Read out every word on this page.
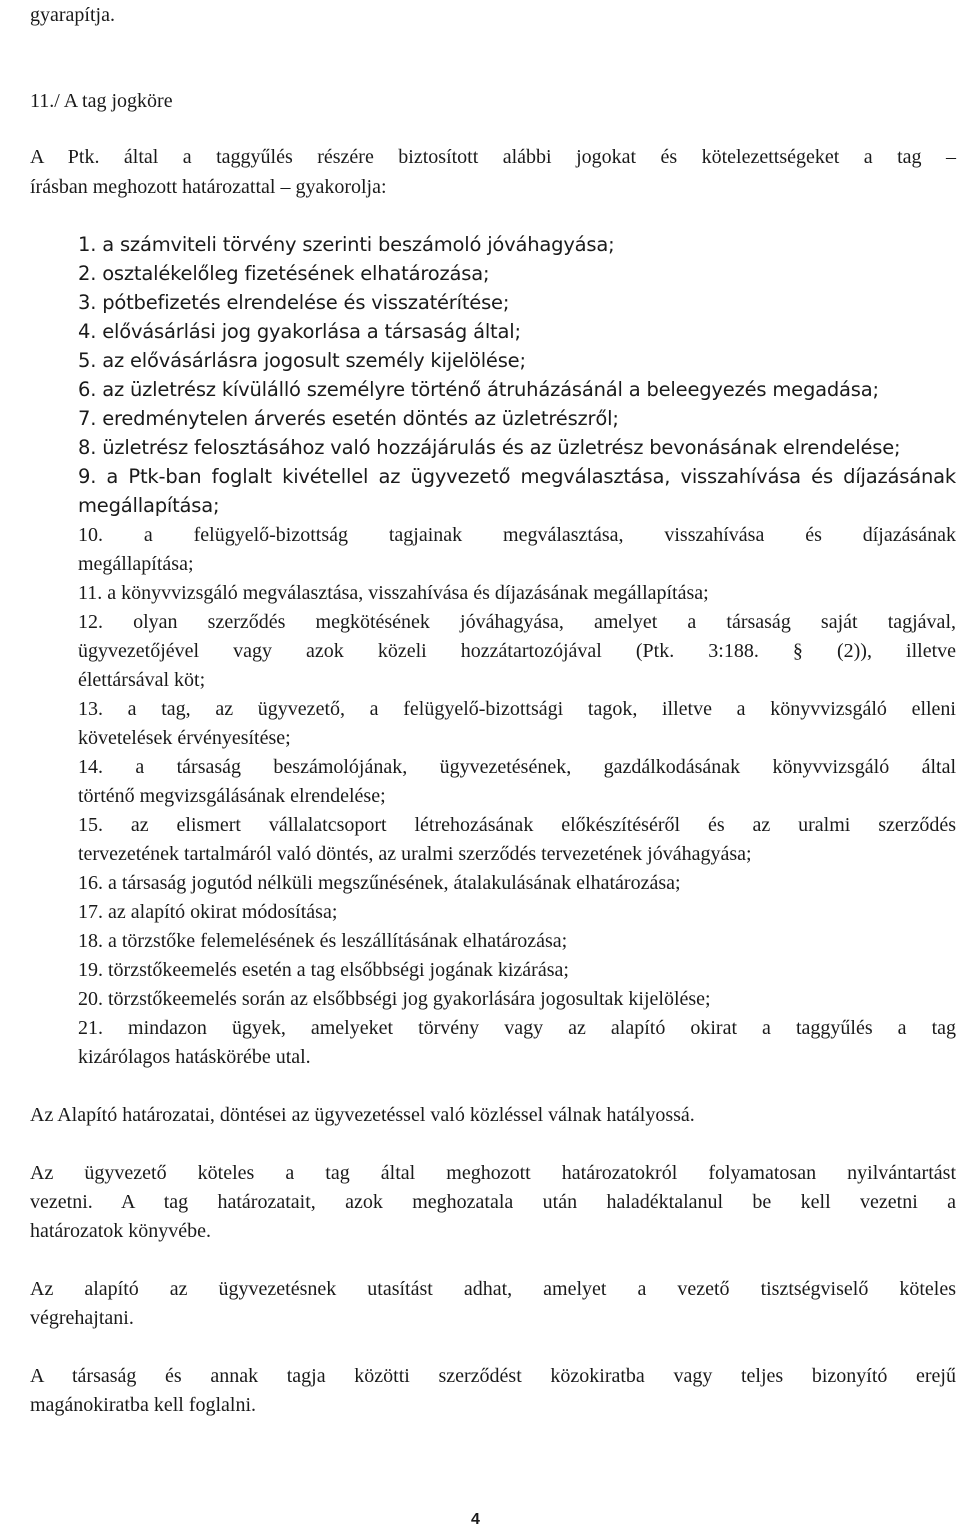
gyarapítja.
11./ A tag jogköre
A Ptk. által a taggyűlés részére biztosított alábbi jogokat és kötelezettségeket a tag –
írásban meghozott határozattal – gyakorolja:
1. a számviteli törvény szerinti beszámoló jóváhagyása;
2. osztalékelőleg fizetésének elhatározása;
3. pótbefizetés elrendelése és visszatérítése;
4. elővásárlási jog gyakorlása a társaság által;
5. az elővásárlásra jogosult személy kijelölése;
6. az üzletrész kívülálló személyre történő átruházásánál a beleegyezés megadása;
7. eredménytelen árverés esetén döntés az üzletrészről;
8. üzletrész felosztásához való hozzájárulás és az üzletrész bevonásának elrendelése;
9. a Ptk-ban foglalt kivétellel az ügyvezető megválasztása, visszahívása és díjazásának
megállapítása;
10. a felügyelő-bizottság tagjainak megválasztása, visszahívása és díjazásának
megállapítása;
11. a könyvvizsgáló megválasztása, visszahívása és díjazásának megállapítása;
12. olyan szerződés megkötésének jóváhagyása, amelyet a társaság saját tagjával,
ügyvezetőjével vagy azok közeli hozzátartozójával (Ptk. 3:188. § (2)), illetve
élettársával köt;
13. a tag, az ügyvezető, a felügyelő-bizottsági tagok, illetve a könyvvizsgáló elleni
követelések érvényesítése;
14. a társaság beszámolójának, ügyvezetésének, gazdálkodásának könyvvizsgáló által
történő megvizsgálásának elrendelése;
15. az elismert vállalatcsoport létrehozásának előkészítéséről és az uralmi szerződés
tervezetének tartalmáról való döntés, az uralmi szerződés tervezetének jóváhagyása;
16. a társaság jogutód nélküli megszűnésének, átalakulásának elhatározása;
17. az alapító okirat módosítása;
18. a törzstőke felemelésének és leszállításának elhatározása;
19. törzstőkeemelés esetén a tag elsőbbségi jogának kizárása;
20. törzstőkeemelés során az elsőbbségi jog gyakorlására jogosultak kijelölése;
21. mindazon ügyek, amelyeket törvény vagy az alapító okirat a taggyűlés a tag
kizárólagos hatáskörébe utal.
Az Alapító határozatai, döntései az ügyvezetéssel való közléssel válnak hatályossá.
Az ügyvezető köteles a tag által meghozott határozatokról folyamatosan nyilvántartást
vezetni. A tag határozatait, azok meghozatala után haladéktalanul be kell vezetni a
határozatok könyvébe.
Az alapító az ügyvezetésnek utasítást adhat, amelyet a vezető tisztségviselő köteles
végrehajtani.
A társaság és annak tagja közötti szerződést közokiratba vagy teljes bizonyító erejű
magánokiratba kell foglalni.
4
